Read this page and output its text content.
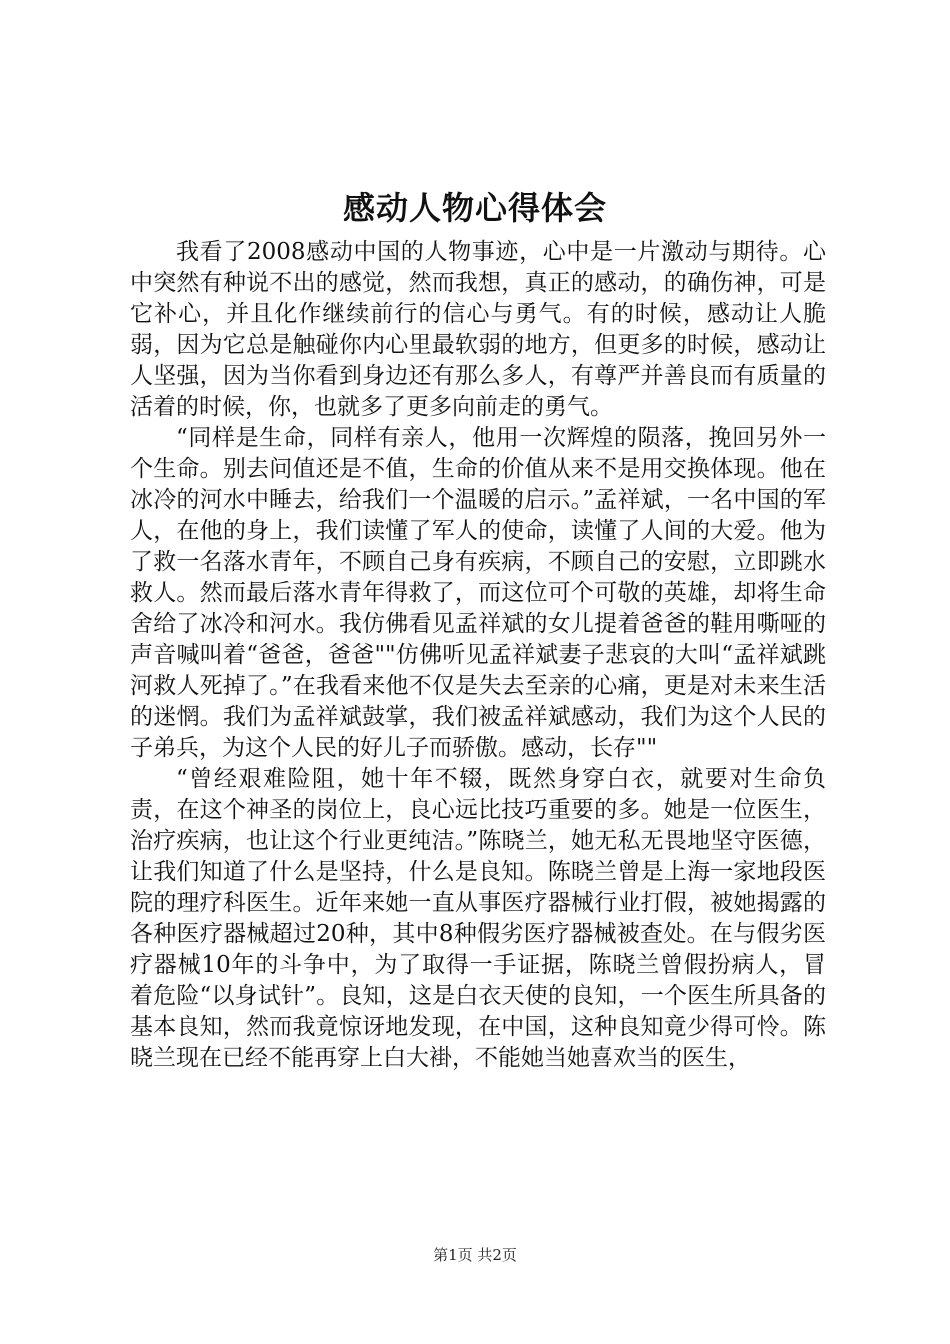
感动人物心得体会

我看了2008感动中国的人物事迹，心中是一片激动与期待。心中突然有种说不出的感觉，然而我想，真正的感动，的确伤神，可是它补心，并且化作继续前行的信心与勇气。有的时候，感动让人脆弱，因为它总是触碰你内心里最软弱的地方，但更多的时候，感动让人坚强，因为当你看到身边还有那么多人，有尊严并善良而有质量的活着的时候，你，也就多了更多向前走的勇气。

“同样是生命，同样有亲人，他用一次辉煌的陨落，挽回另外一个生命。别去问值还是不值，生命的价值从来不是用交换体现。他在冰冷的河水中睡去，给我们一个温暖的启示。”孟祥斌，一名中国的军人，在他的身上，我们读懂了军人的使命，读懂了人间的大爱。他为了救一名落水青年，不顾自己身有疾病，不顾自己的安慰，立即跳水救人。然而最后落水青年得救了，而这位可个可敬的英雄，却将生命舍给了冰冷和河水。我仿佛看见孟祥斌的女儿提着爸爸的鞋用嘶哑的声音喊叫着“爸爸，爸爸""仿佛听见孟祥斌妻子悲哀的大叫“孟祥斌跳河救人死掉了。”在我看来他不仅是失去至亲的心痛，更是对未来生活的迷惘。我们为孟祥斌鼓掌，我们被孟祥斌感动，我们为这个人民的子弟兵，为这个人民的好儿子而骄傲。感动，长存""

“曾经艰难险阻，她十年不辍，既然身穿白衣，就要对生命负责，在这个神圣的岗位上，良心远比技巧重要的多。她是一位医生，治疗疾病，也让这个行业更纯洁。”陈晓兰，她无私无畏地坚守医德，让我们知道了什么是坚持，什么是良知。陈晓兰曾是上海一家地段医院的理疗科医生。近年来她一直从事医疗器械行业打假，被她揭露的各种医疗器械超过20种，其中8种假劣医疗器械被查处。在与假劣医疗器械10年的斗争中，为了取得一手证据，陈晓兰曾假扮病人，冒着危险“以身试针”。良知，这是白衣天使的良知，一个医生所具备的基本良知，然而我竟惊讶地发现，在中国，这种良知竟少得可怜。陈晓兰现在已经不能再穿上白大褂，不能她当她喜欢当的医生，

第1页 共2页
